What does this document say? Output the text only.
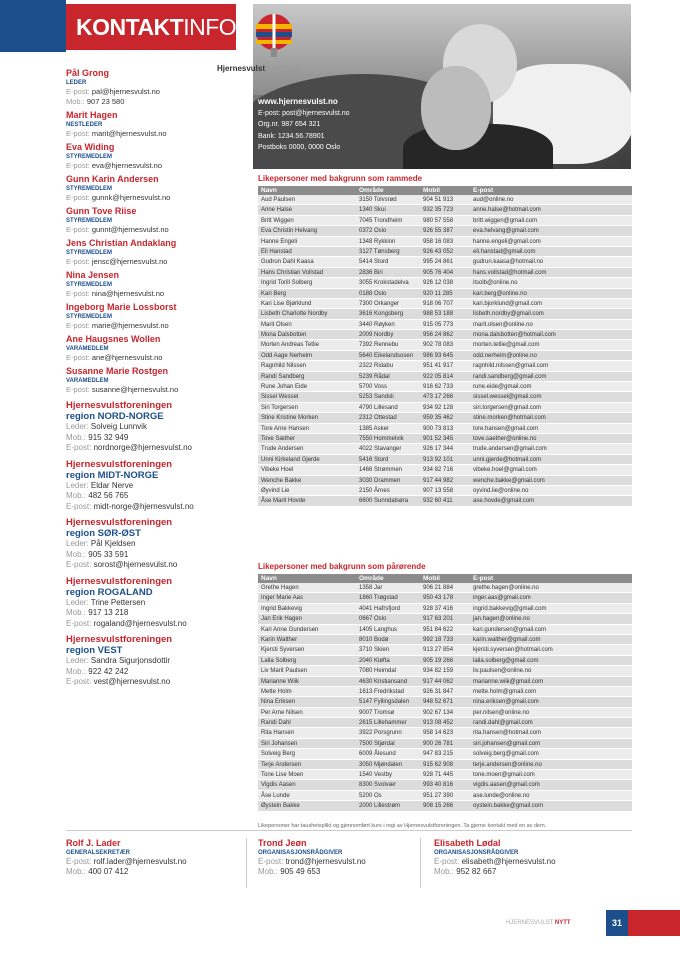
KONTAKTINFO
Hjernesvulstforeningen
www.hjernesvulst.no
E-post: post@hjernesvulst.no
Org.nr. 987 654 321
Bank: 1234.56.78901
Postboks 0000, 0000 Oslo
Pål Grong
LEDER
E-post: pal@hjernesvulst.no
Mob.: 907 23 580
Marit Hagen
NESTLEDER
E-post: marit@hjernesvulst.no
Eva Widing
STYREMEDLEM
E-post: eva@hjernesvulst.no
Gunn Karin Andersen
STYREMEDLEM
E-post: gunnk@hjernesvulst.no
Gunn Tove Riise
STYREMEDLEM
E-post: gunnt@hjernesvulst.no
Jens Christian Andaklang
STYREMEDLEM
E-post: jensc@hjernesvulst.no
Nina Jensen
STYREMEDLEM
E-post: nina@hjernesvulst.no
Ingeborg Marie Lossborst
STYREMEDLEM
E-post: marie@hjernesvulst.no
Ane Haugsnes Wollen
VARAMEDLEM
E-post: ane@hjernesvulst.no
Susanne Marie Rostgen
VARAMEDLEM
E-post: susanne@hjernesvulst.no
Hjernesvulstforeningen
region NORD-NORGE
Leder: Solveig Lunnvik
Mob.: 915 32 949
E-post: nordnorge@hjernesvulst.no
Hjernesvulstforeningen
region MIDT-NORGE
Leder: Eldar Nerve
Mob.: 482 56 765
E-post: midt-norge@hjernesvulst.no
Hjernesvulstforeningen
region SØR-ØST
Leder: Pål Kjeldsen
Mob.: 905 33 591
E-post: sorost@hjernesvulst.no
Hjernesvulstforeningen
region ROGALAND
Leder: Trine Pettersen
Mob.: 917 13 218
E-post: rogaland@hjernesvulst.no
Hjernesvulstforeningen
region VEST
Leder: Sandra Sigurjonsdottir
Mob.: 922 42 242
E-post: vest@hjernesvulst.no
Likepersoner med bakgrunn som rammede
Navn	Område	Mobil	E-post
Aud Paulsen	3150 Tolvsrød	904 51 913	aud@online.no
Anne Halse	1340 Skui	932 35 723	anne.halse@hotmail.com
Britt Wiggen	7045 Trondheim	980 57 558	britt.wiggen@gmail.com
Eva Christin Helvang	0372 Oslo	926 55 387	eva.helvang@gmail.com
Hanne Engeli	1348 Rykkinn	958 16 083	hanne.engeli@gmail.com
Eli Hanstad	3127 Tønsberg	926 43 052	eli.hanstad@gmail.com
Gudrun Dahl Kaasa	5414 Stord	995 24 861	gudrun.kaasa@hotmail.no
Hans Christian Vollstad	2836 Biri	905 76 404	hans.vollstad@hotmail.com
Ingrid Torill Solberg	3055 Krokstadelva	926 12 038	itsolb@online.no
Kari Berg	0188 Oslo	920 11 285	kari.berg@online.no
Kari Lise Bjørklund	7300 Orkanger	918 06 707	kari.bjorklund@gmail.com
Lisbeth Charlotte Nordby	3616 Kongsberg	988 53 188	lisbeth.nordby@gmail.com
Marit Olsen	3440 Røyken	915 05 773	marit.olsen@online.no
Mona Dalsbotten	2009 Nordby	956 24 862	mona.dalsbotten@hotmail.com
Morten Andreas Tetlie	7392 Rennebu	902 78 083	morten.tetlie@gmail.com
Odd Aage Nerheim	5640 Eikelandsosen	986 93 645	odd.nerheim@online.no
Ragnhild Nilssen	2322 Ridabu	951 41 917	ragnhild.nilssen@gmail.com
Randi Sandberg	5239 Rådal	922 05 814	randi.sandberg@gmail.com
Rune Johan Eide	5700 Voss	916 62 733	rune.eide@gmail.com
Sissel Wessel	5253 Sandsli	473 17 266	sissel.wessel@gmail.com
Siri Torgersen	4790 Lillesand	934 92 128	siri.torgersen@gmail.com
Stine Kristine Morken	2312 Ottestad	959 35 462	stine.morken@hotmail.com
Tore Arne Hansen	1385 Asker	900 73 813	tore.hansen@gmail.com
Tove Sæther	7550 Hommelvik	901 52 345	tove.saether@online.no
Trude Andersen	4022 Stavanger	926 17 344	trude.andersen@gmail.com
Unni Kirkeland Gjerde	5416 Stord	913 92 101	unni.gjerde@hotmail.com
Vibeke Hoel	1466 Strømmen	934 82 716	vibeke.hoel@gmail.com
Wenche Bakke	3030 Drammen	917 44 982	wenche.bakke@gmail.com
Øyvind Lie	2150 Årnes	907 13 558	oyvind.lie@online.no
Åse Marit Hovde	6600 Sunndalsøra	932 60 411	ase.hovde@gmail.com
Likepersoner med bakgrunn som pårørende
Navn	Område	Mobil	E-post
Grethe Hagen	1358 Jar	906 21 884	grethe.hagen@online.no
Inger Marie Aas	1860 Trøgstad	950 43 178	inger.aas@gmail.com
Ingrid Bakkevig	4041 Hafrsfjord	928 37 416	ingrid.bakkevig@gmail.com
Jan Erik Hagen	0667 Oslo	917 63 201	jan.hagen@online.no
Kari Anne Gundersen	1405 Langhus	951 84 622	kari.gundersen@gmail.com
Karin Walther	8010 Bodø	992 18 733	karin.walther@gmail.com
Kjersti Syversen	3710 Skien	913 27 854	kjersti.syversen@hotmail.com
Laila Solberg	2040 Kløfta	905 19 266	laila.solberg@gmail.com
Liv Marit Paulsen	7080 Heimdal	934 82 159	liv.paulsen@online.no
Marianne Wiik	4630 Kristiansand	917 44 062	marianne.wiik@gmail.com
Mette Holm	1613 Fredrikstad	926 31 847	mette.holm@gmail.com
Nina Eriksen	5147 Fyllingsdalen	948 52 671	nina.eriksen@gmail.com
Per Arne Nilsen	9007 Tromsø	902 67 134	per.nilsen@online.no
Randi Dahl	2615 Lillehammer	913 08 452	randi.dahl@gmail.com
Rita Hansen	3922 Porsgrunn	958 14 623	rita.hansen@hotmail.com
Siri Johansen	7500 Stjørdal	900 26 781	siri.johansen@gmail.com
Solveig Berg	6009 Ålesund	947 83 215	solveig.berg@gmail.com
Terje Andersen	3050 Mjøndalen	915 62 908	terje.andersen@online.no
Tone Lise Moen	1540 Vestby	928 71 445	tone.moen@gmail.com
Vigdis Aasen	8300 Svolvær	993 40 816	vigdis.aasen@gmail.com
Åse Lunde	5200 Os	951 27 390	ase.lunde@online.no
Øystein Bakke	2000 Lillestrøm	908 15 266	oystein.bakke@gmail.com
Likepersoner har taushetsplikt og gjennomført kurs i regi av Hjernesvulstforeningen. Ta gjerne kontakt med en av dem.
Rolf J. Lader
GENERALSEKRETÆR
E-post: rolf.lader@hjernesvulst.no
Mob.: 400 07 412
Trond Jeøn
ORGANISASJONSRÅDGIVER
E-post: trond@hjernesvulst.no
Mob.: 905 49 653
Elisabeth Lødal
ORGANISASJONSRÅDGIVER
E-post: elisabeth@hjernesvulst.no
Mob.: 952 82 667
HJERNESVULST NYTT	31
